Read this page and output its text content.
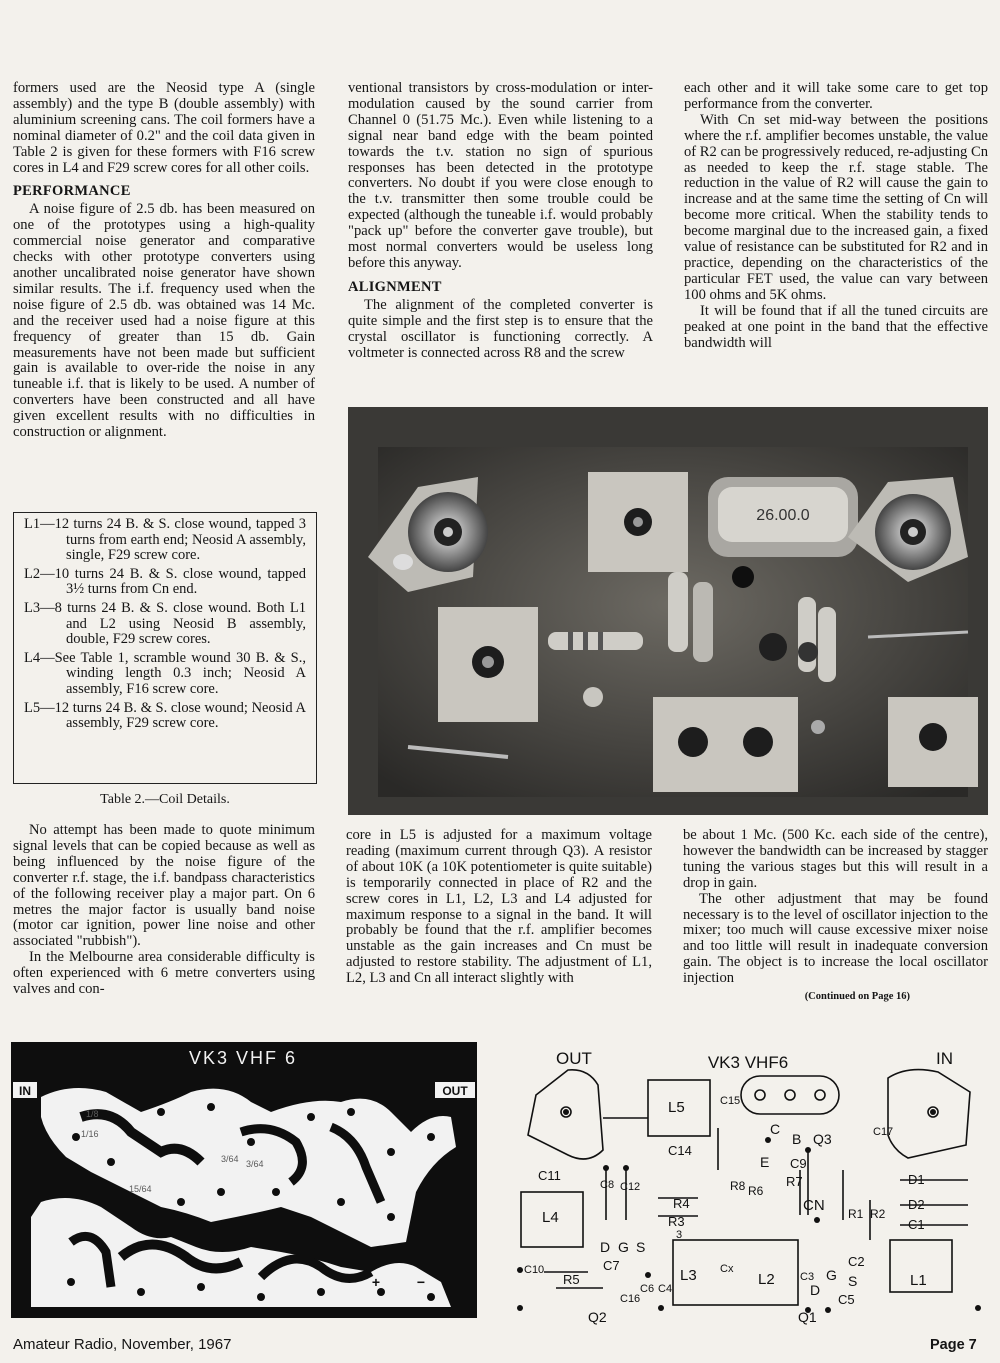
formers used are the Neosid type A (single assembly) and the type B (double assembly) with aluminium screening cans. The coil formers have a nominal diameter of 0.2" and the coil data given in Table 2 is given for these formers with F16 screw cores in L4 and F29 screw cores for all other coils.

PERFORMANCE

A noise figure of 2.5 db. has been measured on one of the prototypes using a high-quality commercial noise generator and comparative checks with other prototype converters using another uncalibrated noise generator have shown similar results. The i.f. frequency used when the noise figure of 2.5 db. was obtained was 14 Mc. and the receiver used had a noise figure at this frequency of greater than 15 db. Gain measurements have not been made but sufficient gain is available to over-ride the noise in any tuneable i.f. that is likely to be used. A number of converters have been constructed and all have given excellent results with no difficulties in construction or alignment.

L1—12 turns 24 B. & S. close wound, tapped 3 turns from earth end; Neosid A assembly, single, F29 screw core.

L2—10 turns 24 B. & S. close wound, tapped 3½ turns from Cn end.

L3—8 turns 24 B. & S. close wound. Both L1 and L2 using Neosid B assembly, double, F29 screw cores.

L4—See Table 1, scramble wound 30 B. & S., winding length 0.3 inch; Neosid A assembly, F16 screw core.

L5—12 turns 24 B. & S. close wound; Neosid A assembly, F29 screw core.

Table 2.—Coil Details.

ventional transistors by cross-modulation or inter-modulation caused by the sound carrier from Channel 0 (51.75 Mc.). Even while listening to a signal near band edge with the beam pointed towards the t.v. station no sign of spurious responses has been detected in the prototype converters. No doubt if you were close enough to the t.v. transmitter then some trouble could be expected (although the tuneable i.f. would probably "pack up" before the converter gave trouble), but most normal converters would be useless long before this anyway.

ALIGNMENT

The alignment of the completed converter is quite simple and the first step is to ensure that the crystal oscillator is functioning correctly. A voltmeter is connected across R8 and the screw

each other and it will take some care to get top performance from the converter.

With Cn set mid-way between the positions where the r.f. amplifier becomes unstable, the value of R2 can be progressively reduced, re-adjusting Cn as needed to keep the r.f. stage stable. The reduction in the value of R2 will cause the gain to increase and at the same time the setting of Cn will become more critical. When the stability tends to become marginal due to the increased gain, a fixed value of resistance can be substituted for R2 and in practice, depending on the characteristics of the particular FET used, the value can vary between 100 ohms and 5K ohms.

It will be found that if all the tuned circuits are peaked at one point in the band that the effective bandwidth will

26.00.0

No attempt has been made to quote minimum signal levels that can be copied because as well as being influenced by the noise figure of the converter r.f. stage, the i.f. bandpass characteristics of the following receiver play a major part. On 6 metres the major factor is usually band noise (motor car ignition, power line noise and other associated "rubbish").

In the Melbourne area considerable difficulty is often experienced with 6 metre converters using valves and con-

core in L5 is adjusted for a maximum voltage reading (maximum current through Q3). A resistor of about 10K (a 10K potentiometer is quite suitable) is temporarily connected in place of R2 and the screw cores in L1, L2, L3 and L4 adjusted for maximum response to a signal in the band. It will probably be found that the r.f. amplifier becomes unstable as the gain increases and Cn must be adjusted to restore stability. The adjustment of L1, L2, L3 and Cn all interact slightly with

be about 1 Mc. (500 Kc. each side of the centre), however the bandwidth can be increased by stagger tuning the various stages but this will result in a drop in gain.

The other adjustment that may be found necessary is to the level of oscillator injection to the mixer; too much will cause excessive mixer noise and too little will result in inadequate conversion gain. The object is to increase the local oscillator injection

(Continued on Page 16)
VK3 VHF 6
IN	OUT
+	−
1/8
1/16
3/64 3/64
15/64
OUT	VK3 VHF6	IN
L5	C15
C14
C11
C8 C12
C17
C
B Q3
E C9
R8 R6
R7
R4
R3
3
CN R1 R2
D1
D2
C1
L4
D G S
C7
C10
R5
C16
C6 C4
L3 Cx
L2 C3
D
G
C2
S
C5
L1
Q2	Q1
Amateur Radio, November, 1967	Page 7
